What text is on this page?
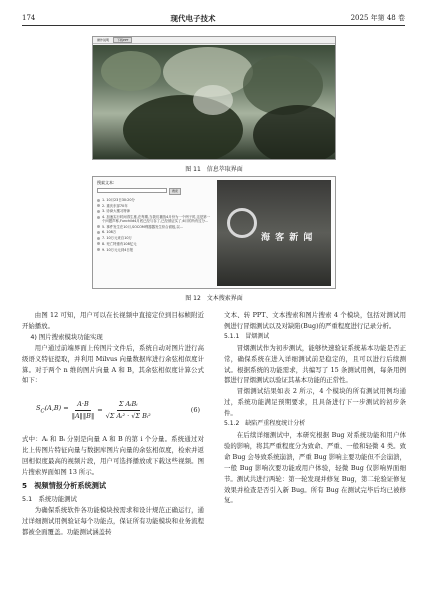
174	现代电子技术	2025 年第 48 卷
操作说明	下载PPT
图 11　信息萃取界面
搜索文本:
搜索
1. 10月23日30:20分
2. 重庆东部70年
3. 协商大楼习特神
4. 加速实行时间得生惠,在每期,当我们播放4月份为一个例子时,这是第一个问题声称,Funchild4月底已经与存了,已经被证实了,6月的所有过分...
5. 事件发生在10月,SOCOM利器器发生综合面板,以...
6. 108万
7. 10万元来自10万
8. 死亡特惠有108亿元
9. 10万元元到4日报
海 客 新 闻
图 12　文本搜索界面

由图 12 可知，用户可以在长视频中直接定位到目标帧附近开始播放。

4) 图片搜索模块功能实现

用户通过前端界面上传图片文件后，系统自动对图片进行高级语义特征提取，并利用 Milvus 向量数据库进行余弦相似度计算。对于两个 n 维的图片向量 A 和 B，其余弦相似度计算公式如下：

$S_C(A,B) = \frac{A\cdot B}{‖A‖‖B‖} = \frac{\text{Σ AᵢBᵢ}}{\text{√Σ Aᵢ² · √Σ Bᵢ²}}$	(6)

式中：Aᵢ 和 Bᵢ 分别是向量 A 和 B 的第 i 个分量。系统通过对比上传图片特征向量与数据库图片向量的余弦相似度，检索并返回相似度最高的视频片段，用户可选择播放或下载这些视频。图片搜索界面如图 13 所示。

5　视频情报分析系统测试

5.1　系统功能测试

为确保系统软件各功能模块按需求和设计规范正确运行，通过详细测试用例验证每个功能点，保证所有功能模块和业务流程都被全面覆盖。功能测试涵盖转

文本、转 PPT、文本搜索和图片搜索 4 个模块，包括对测试用例进行冒烟测试以及对缺陷(Bug)的严重程度进行记录分析。

5.1.1　冒烟测试

冒烟测试作为初步测试，能够快速验证系统基本功能是否正常，确保系统在进入详细测试前是稳定的，且可以进行后续测试。根据系统的功能需求，共编写了 15 条测试用例，每条用例都进行冒烟测试以验证其基本功能的正常性。

冒烟测试结果如表 2 所示，4 个模块的所有测试用例均通过，系统功能满足预期要求，且具备进行下一步测试的初步条件。

5.1.2　缺陷严重程度统计分析

在后续详细测试中，本研究根据 Bug 对系统功能和用户体验的影响，将其严重程度分为致命、严重、一般和轻微 4 类。致命 Bug 会导致系统崩溃，严重 Bug 影响主要功能但不会崩溃，一般 Bug 影响次要功能或用户体验，轻微 Bug 仅影响界面细节。测试共进行两轮：第一轮发现并修复 Bug，第二轮验证修复效果并检查是否引入新 Bug。所有 Bug 在测试完毕后均已被修复。
